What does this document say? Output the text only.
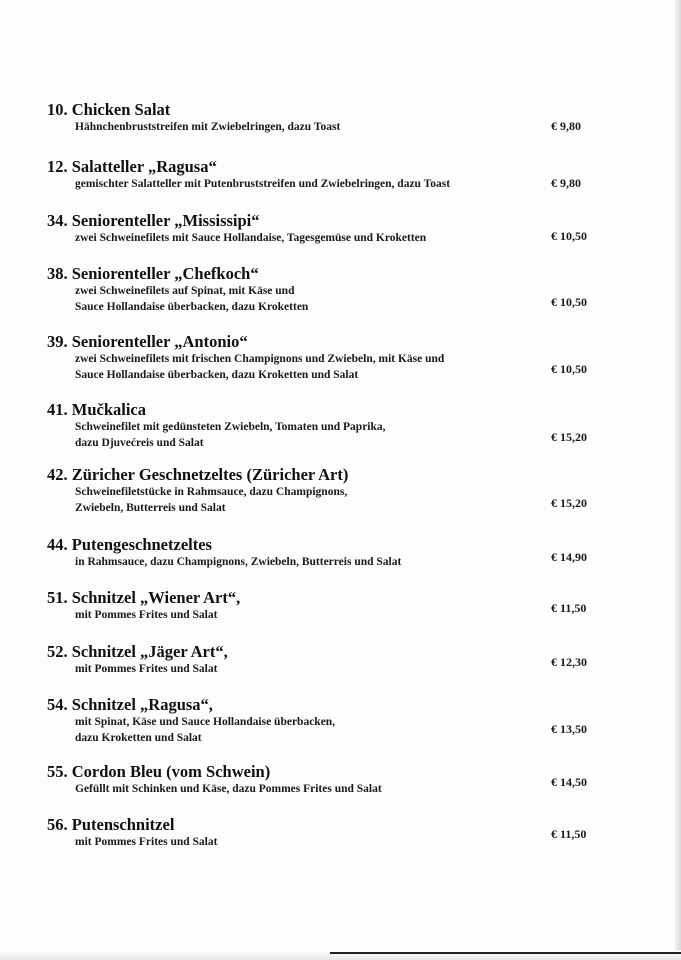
10. Chicken Salat
Hähnchenbruststreifen mit Zwiebelringen, dazu Toast	€ 9,80
12. Salatteller „Ragusa“
gemischter Salatteller mit Putenbruststreifen und Zwiebelringen, dazu Toast	€ 9,80
34. Seniorenteller „Mississipi“
zwei Schweinefilets mit Sauce Hollandaise, Tagesgemüse und Kroketten	€ 10,50
38. Seniorenteller „Chefkoch“
zwei Schweinefilets auf Spinat, mit Käse und
Sauce Hollandaise überbacken, dazu Kroketten	€ 10,50
39. Seniorenteller „Antonio“
zwei Schweinefilets mit frischen Champignons und Zwiebeln, mit Käse und
Sauce Hollandaise überbacken, dazu Kroketten und Salat	€ 10,50
41. Mučkalica
Schweinefilet mit gedünsteten Zwiebeln, Tomaten und Paprika,
dazu Djuvećreis und Salat	€ 15,20
42. Züricher Geschnetzeltes (Züricher Art)
Schweinefiletstücke in Rahmsauce, dazu Champignons,
Zwiebeln, Butterreis und Salat	€ 15,20
44. Putengeschnetzeltes
in Rahmsauce, dazu Champignons, Zwiebeln, Butterreis und Salat	€ 14,90
51. Schnitzel „Wiener Art“,
mit Pommes Frites und Salat	€ 11,50
52. Schnitzel „Jäger Art“,
mit Pommes Frites und Salat	€ 12,30
54. Schnitzel „Ragusa“,
mit Spinat, Käse und Sauce Hollandaise überbacken,
dazu Kroketten und Salat
€ 13,50
55. Cordon Bleu (vom Schwein)
Gefüllt mit Schinken und Käse, dazu Pommes Frites und Salat	€ 14,50
56. Putenschnitzel
mit Pommes Frites und Salat
€ 11,50
